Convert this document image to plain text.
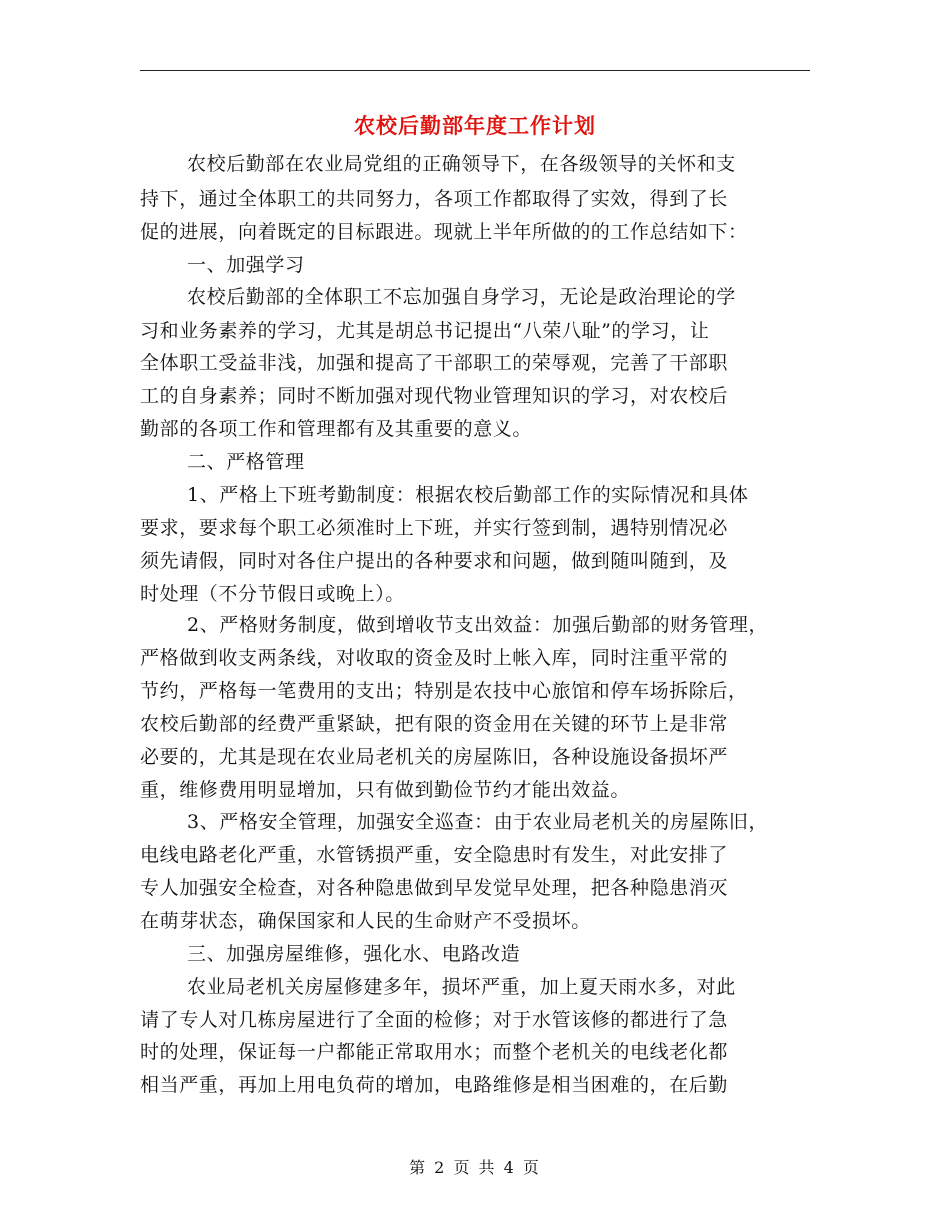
农校后勤部年度工作计划
农校后勤部在农业局党组的正确领导下，在各级领导的关怀和支
持下，通过全体职工的共同努力，各项工作都取得了实效，得到了长
促的进展，向着既定的目标跟进。现就上半年所做的的工作总结如下：
一、加强学习
农校后勤部的全体职工不忘加强自身学习，无论是政治理论的学
习和业务素养的学习，尤其是胡总书记提出“八荣八耻”的学习，让
全体职工受益非浅，加强和提高了干部职工的荣辱观，完善了干部职
工的自身素养；同时不断加强对现代物业管理知识的学习，对农校后
勤部的各项工作和管理都有及其重要的意义。
二、严格管理
1、严格上下班考勤制度：根据农校后勤部工作的实际情况和具体
要求，要求每个职工必须准时上下班，并实行签到制，遇特别情况必
须先请假，同时对各住户提出的各种要求和问题，做到随叫随到，及
时处理（不分节假日或晚上）。
2、严格财务制度，做到增收节支出效益：加强后勤部的财务管理，
严格做到收支两条线，对收取的资金及时上帐入库，同时注重平常的
节约，严格每一笔费用的支出；特别是农技中心旅馆和停车场拆除后，
农校后勤部的经费严重紧缺，把有限的资金用在关键的环节上是非常
必要的，尤其是现在农业局老机关的房屋陈旧，各种设施设备损坏严
重，维修费用明显增加，只有做到勤俭节约才能出效益。
3、严格安全管理，加强安全巡查：由于农业局老机关的房屋陈旧，
电线电路老化严重，水管锈损严重，安全隐患时有发生，对此安排了
专人加强安全检查，对各种隐患做到早发觉早处理，把各种隐患消灭
在萌芽状态，确保国家和人民的生命财产不受损坏。
三、加强房屋维修，强化水、电路改造
农业局老机关房屋修建多年，损坏严重，加上夏天雨水多，对此
请了专人对几栋房屋进行了全面的检修；对于水管该修的都进行了急
时的处理，保证每一户都能正常取用水；而整个老机关的电线老化都
相当严重，再加上用电负荷的增加，电路维修是相当困难的，在后勤
第 2 页 共 4 页
